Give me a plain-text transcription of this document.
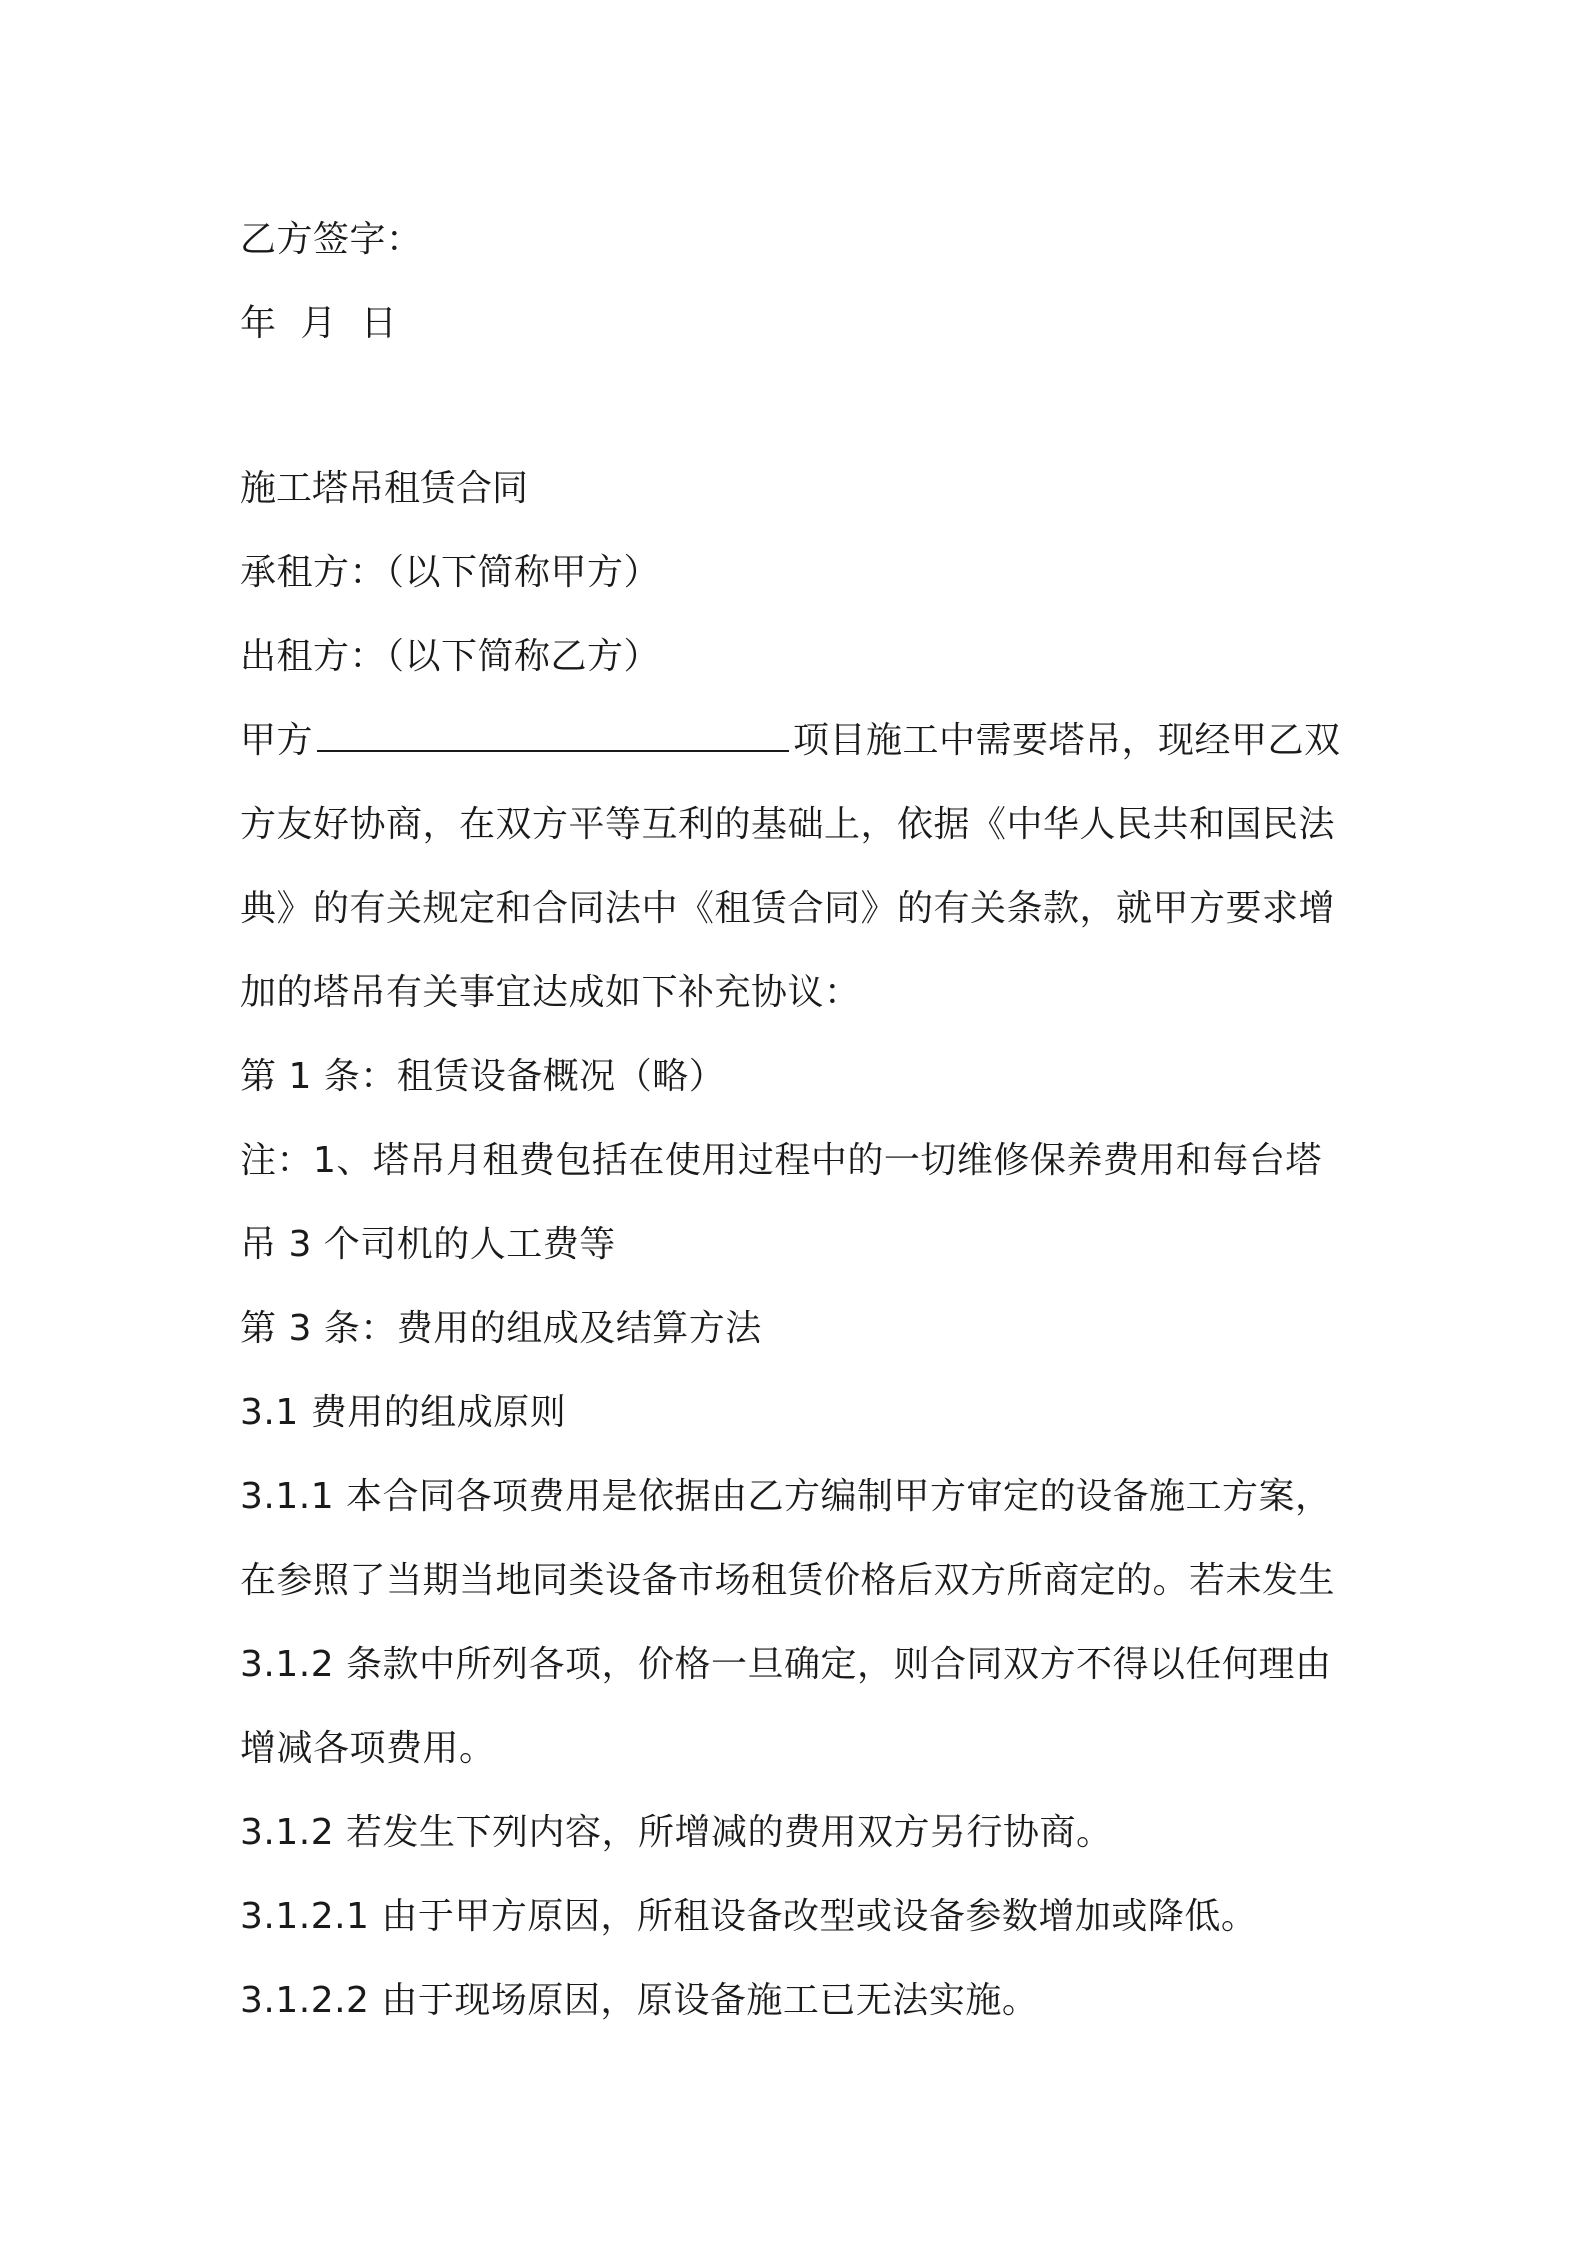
乙方签字：
年  月  日
施工塔吊租赁合同
承租方：（以下简称甲方）
出租方：（以下简称乙方）
甲方	项目施工中需要塔吊，现经甲乙双
方友好协商，在双方平等互利的基础上，依据《中华人民共和国民法
典》的有关规定和合同法中《租赁合同》的有关条款，就甲方要求增
加的塔吊有关事宜达成如下补充协议：
第 1 条：租赁设备概况（略）
注：1、塔吊月租费包括在使用过程中的一切维修保养费用和每台塔
吊 3 个司机的人工费等
第 3 条：费用的组成及结算方法
3.1 费用的组成原则
3.1.1 本合同各项费用是依据由乙方编制甲方审定的设备施工方案，
在参照了当期当地同类设备市场租赁价格后双方所商定的。若未发生
3.1.2 条款中所列各项，价格一旦确定，则合同双方不得以任何理由
增减各项费用。
3.1.2 若发生下列内容，所增减的费用双方另行协商。
3.1.2.1 由于甲方原因，所租设备改型或设备参数增加或降低。
3.1.2.2 由于现场原因，原设备施工已无法实施。
